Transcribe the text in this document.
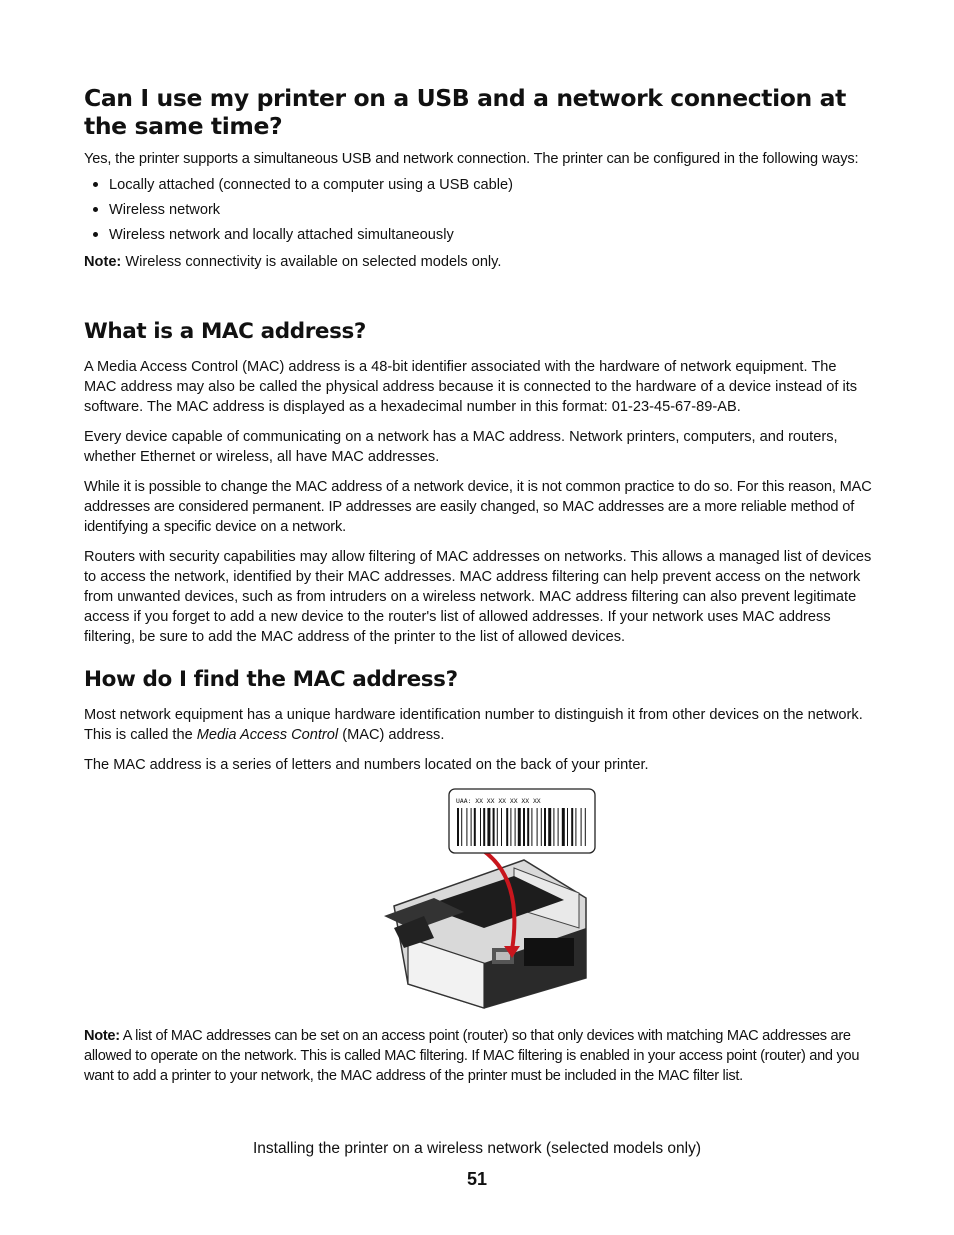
Can I use my printer on a USB and a network connection at the same time?

Yes, the printer supports a simultaneous USB and network connection. The printer can be configured in the following ways:

Locally attached (connected to a computer using a USB cable)
Wireless network
Wireless network and locally attached simultaneously

Note: Wireless connectivity is available on selected models only.

What is a MAC address?

A Media Access Control (MAC) address is a 48-bit identifier associated with the hardware of network equipment. The MAC address may also be called the physical address because it is connected to the hardware of a device instead of its software. The MAC address is displayed as a hexadecimal number in this format: 01-23-45-67-89-AB.

Every device capable of communicating on a network has a MAC address. Network printers, computers, and routers, whether Ethernet or wireless, all have MAC addresses.

While it is possible to change the MAC address of a network device, it is not common practice to do so. For this reason, MAC addresses are considered permanent. IP addresses are easily changed, so MAC addresses are a more reliable method of identifying a specific device on a network.

Routers with security capabilities may allow filtering of MAC addresses on networks. This allows a managed list of devices to access the network, identified by their MAC addresses. MAC address filtering can help prevent access on the network from unwanted devices, such as from intruders on a wireless network. MAC address filtering can also prevent legitimate access if you forget to add a new device to the router's list of allowed addresses. If your network uses MAC address filtering, be sure to add the MAC address of the printer to the list of allowed devices.

How do I find the MAC address?

Most network equipment has a unique hardware identification number to distinguish it from other devices on the network. This is called the Media Access Control (MAC) address.

The MAC address is a series of letters and numbers located on the back of your printer.

UAA: XX XX XX XX XX XX

Note: A list of MAC addresses can be set on an access point (router) so that only devices with matching MAC addresses are allowed to operate on the network. This is called MAC filtering. If MAC filtering is enabled in your access point (router) and you want to add a printer to your network, the MAC address of the printer must be included in the MAC filter list.

Installing the printer on a wireless network (selected models only)
51
